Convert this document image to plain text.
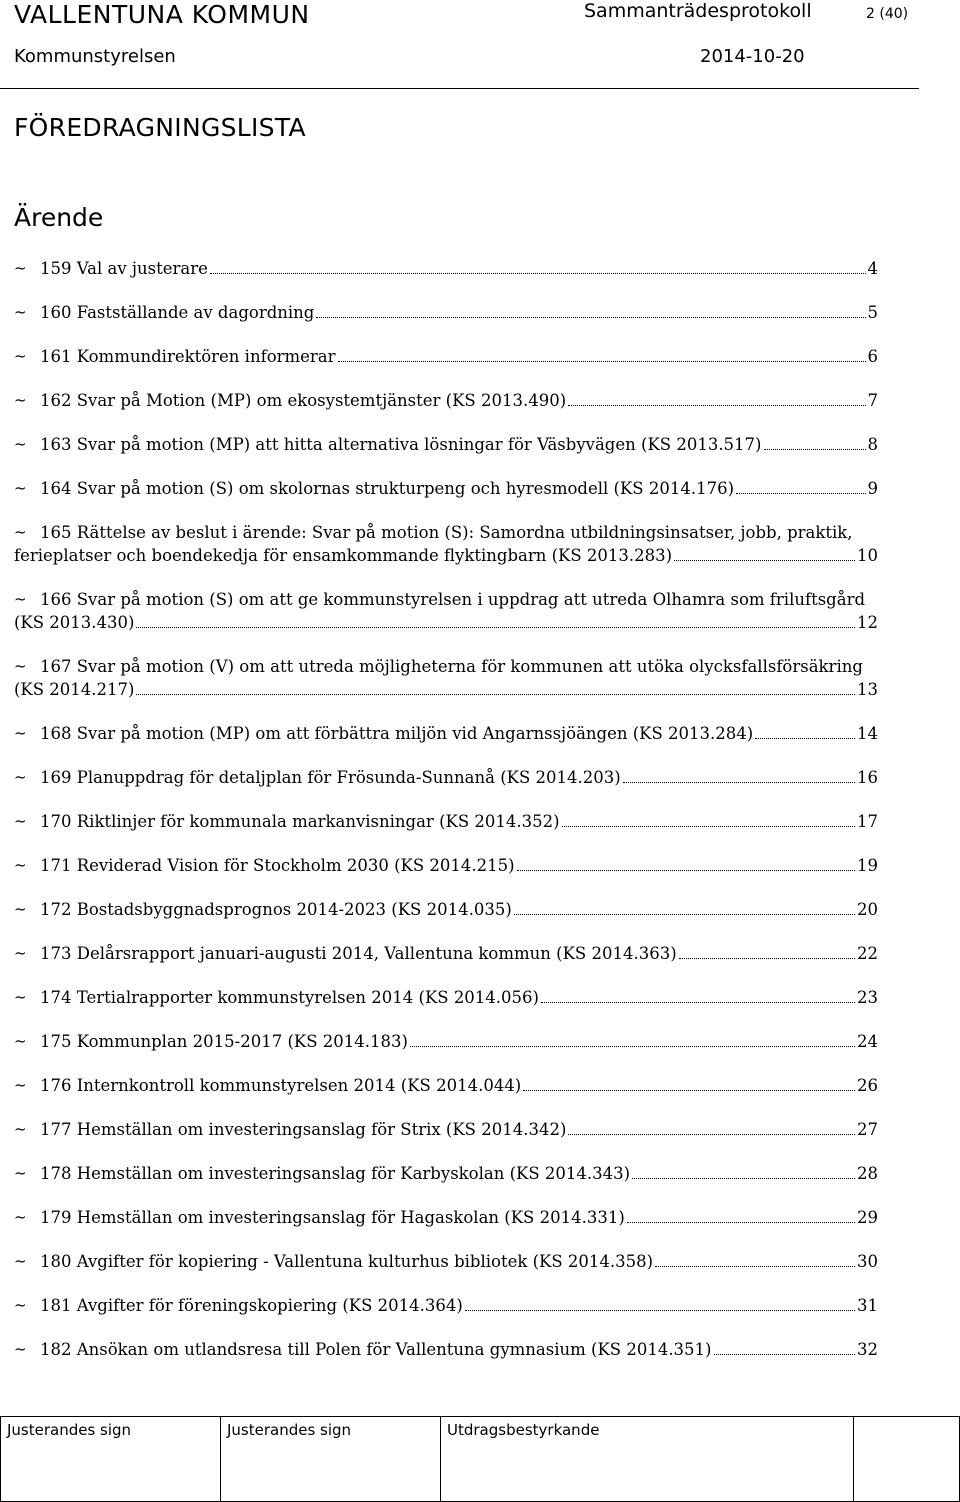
VALLENTUNA KOMMUN	Sammanträdesprotokoll	2 (40)
Kommunstyrelsen	2014-10-20
FÖREDRAGNINGSLISTA
Ärende
~ 159 Val av justerare	4
~ 160 Fastställande av dagordning	5
~ 161 Kommundirektören informerar	6
~ 162 Svar på Motion (MP) om ekosystemtjänster (KS 2013.490)	7
~ 163 Svar på motion (MP) att hitta alternativa lösningar för Väsbyvägen (KS 2013.517)	8
~ 164 Svar på motion (S) om skolornas strukturpeng och hyresmodell (KS 2014.176)	9
~ 165 Rättelse av beslut i ärende: Svar på motion (S): Samordna utbildningsinsatser, jobb, praktik,
ferieplatser och boendekedja för ensamkommande flyktingbarn (KS 2013.283)	10
~ 166 Svar på motion (S) om att ge kommunstyrelsen i uppdrag att utreda Olhamra som friluftsgård
(KS 2013.430)	12
~ 167 Svar på motion (V) om att utreda möjligheterna för kommunen att utöka olycksfallsförsäkring
(KS 2014.217)	13
~ 168 Svar på motion (MP) om att förbättra miljön vid Angarnssjöängen (KS 2013.284)	14
~ 169 Planuppdrag för detaljplan för Frösunda-Sunnanå (KS 2014.203)	16
~ 170 Riktlinjer för kommunala markanvisningar (KS 2014.352)	17
~ 171 Reviderad Vision för Stockholm 2030 (KS 2014.215)	19
~ 172 Bostadsbyggnadsprognos 2014-2023 (KS 2014.035)	20
~ 173 Delårsrapport januari-augusti 2014, Vallentuna kommun (KS 2014.363)	22
~ 174 Tertialrapporter kommunstyrelsen 2014 (KS 2014.056)	23
~ 175 Kommunplan 2015-2017 (KS 2014.183)	24
~ 176 Internkontroll kommunstyrelsen 2014 (KS 2014.044)	26
~ 177 Hemställan om investeringsanslag för Strix (KS 2014.342)	27
~ 178 Hemställan om investeringsanslag för Karbyskolan (KS 2014.343)	28
~ 179 Hemställan om investeringsanslag för Hagaskolan (KS 2014.331)	29
~ 180 Avgifter för kopiering - Vallentuna kulturhus bibliotek (KS 2014.358)	30
~ 181 Avgifter för föreningskopiering (KS 2014.364)	31
~ 182 Ansökan om utlandsresa till Polen för Vallentuna gymnasium (KS 2014.351)	32
Justerandes sign	Justerandes sign	Utdragsbestyrkande	
